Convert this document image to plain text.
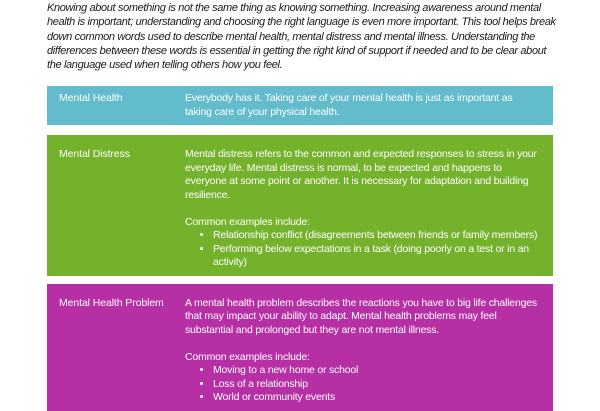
Knowing about something is not the same thing as knowing something. Increasing awareness around mental health is important; understanding and choosing the right language is even more important. This tool helps break down common words used to describe mental health, mental distress and mental illness. Understanding the differences between these words is essential in getting the right kind of support if needed and to be clear about the language used when telling others how you feel.

Mental Health	Everybody has it. Taking care of your mental health is just as important as taking care of your physical health.

Mental Distress	Mental distress refers to the common and expected responses to stress in your everyday life. Mental distress is normal, to be expected and happens to everyone at some point or another. It is necessary for adaptation and building resilience.

Common examples include:

• Relationship conflict (disagreements between friends or family members)
• Performing below expectations in a task (doing poorly on a test or in an activity)
Mental Health Problem	A mental health problem describes the reactions you have to big life challenges that may impact your ability to adapt. Mental health problems may feel substantial and prolonged but they are not mental illness.

Common examples include:

• Moving to a new home or school
• Loss of a relationship
• World or community events
